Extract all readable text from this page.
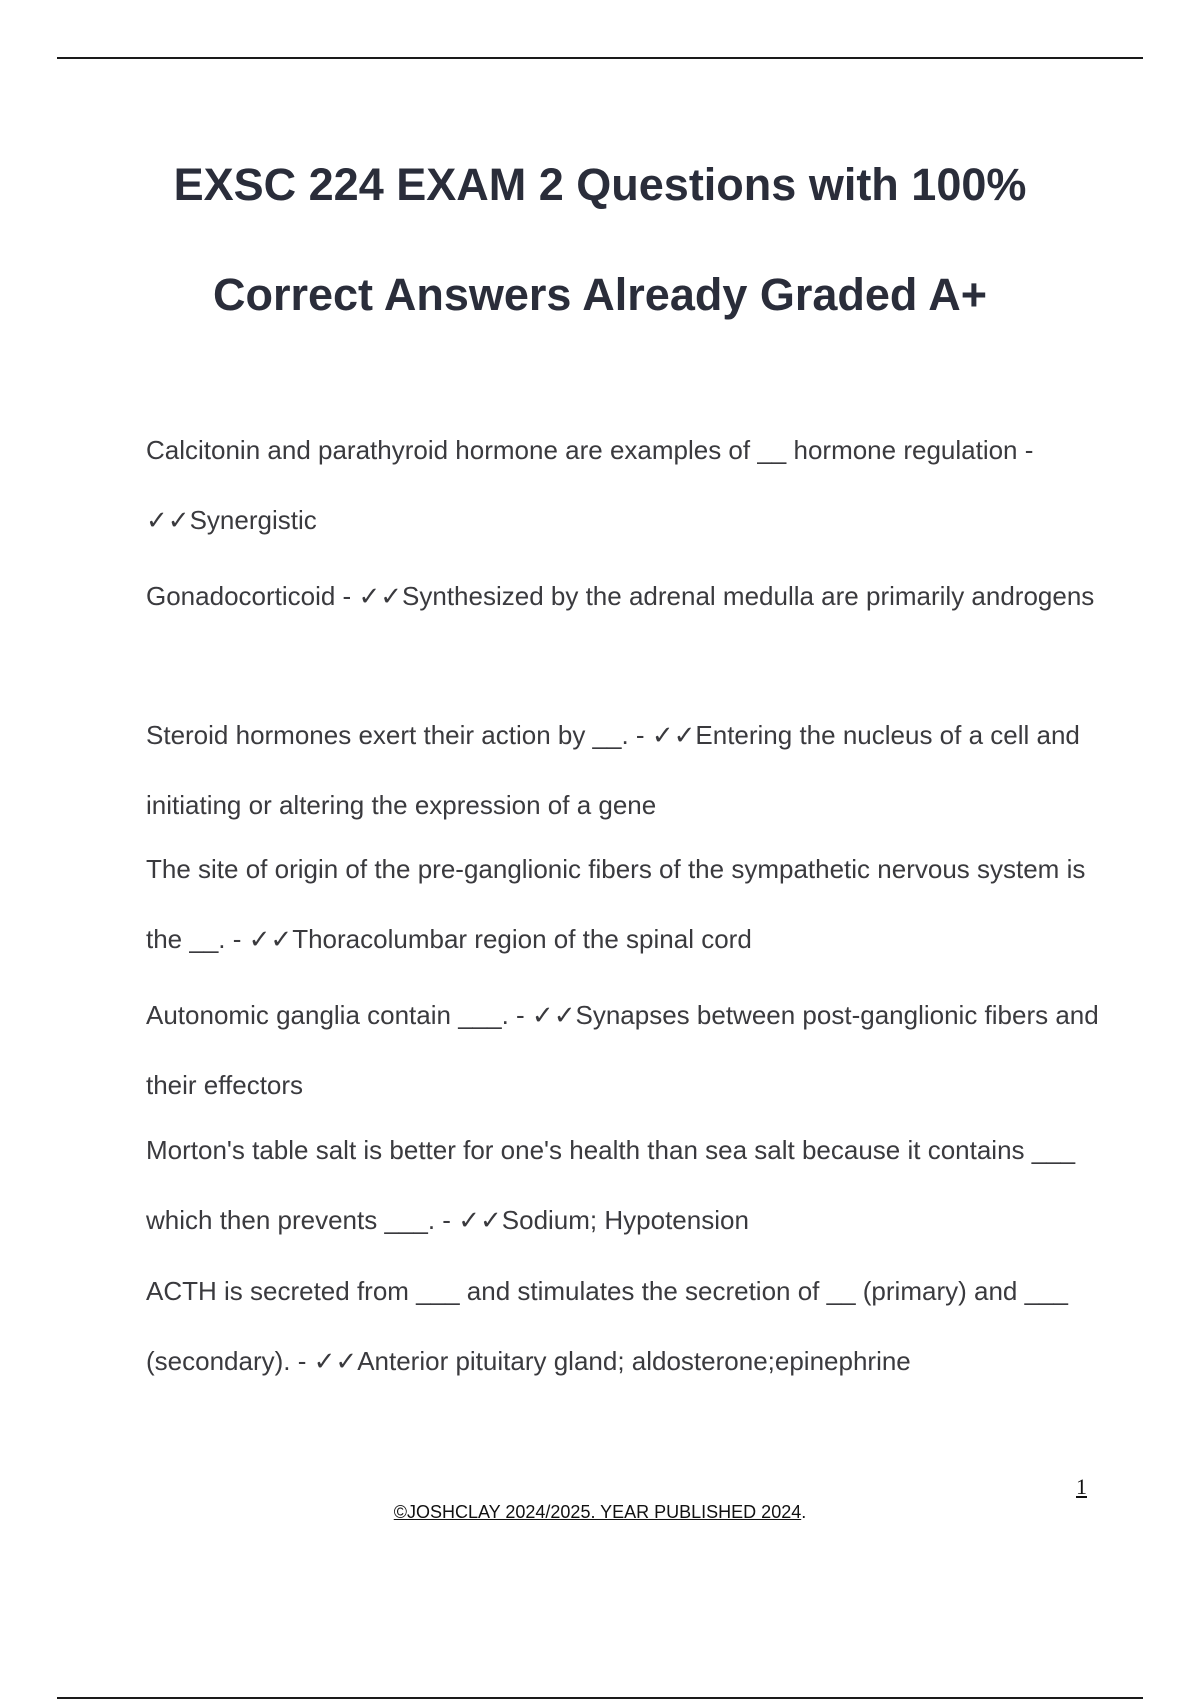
EXSC 224 EXAM 2 Questions with 100%
Correct Answers Already Graded A+

Calcitonin and parathyroid hormone are examples of __ hormone regulation - ✓✓Synergistic

Gonadocorticoid - ✓✓Synthesized by the adrenal medulla are primarily androgens

Steroid hormones exert their action by __. - ✓✓Entering the nucleus of a cell and initiating or altering the expression of a gene

The site of origin of the pre-ganglionic fibers of the sympathetic nervous system is the __. - ✓✓Thoracolumbar region of the spinal cord

Autonomic ganglia contain ___. - ✓✓Synapses between post-ganglionic fibers and their effectors

Morton's table salt is better for one's health than sea salt because it contains ___ which then prevents ___. - ✓✓Sodium; Hypotension

ACTH is secreted from ___ and stimulates the secretion of __ (primary) and ___ (secondary). - ✓✓Anterior pituitary gland; aldosterone;epinephrine

1
©JOSHCLAY 2024/2025. YEAR PUBLISHED 2024.
